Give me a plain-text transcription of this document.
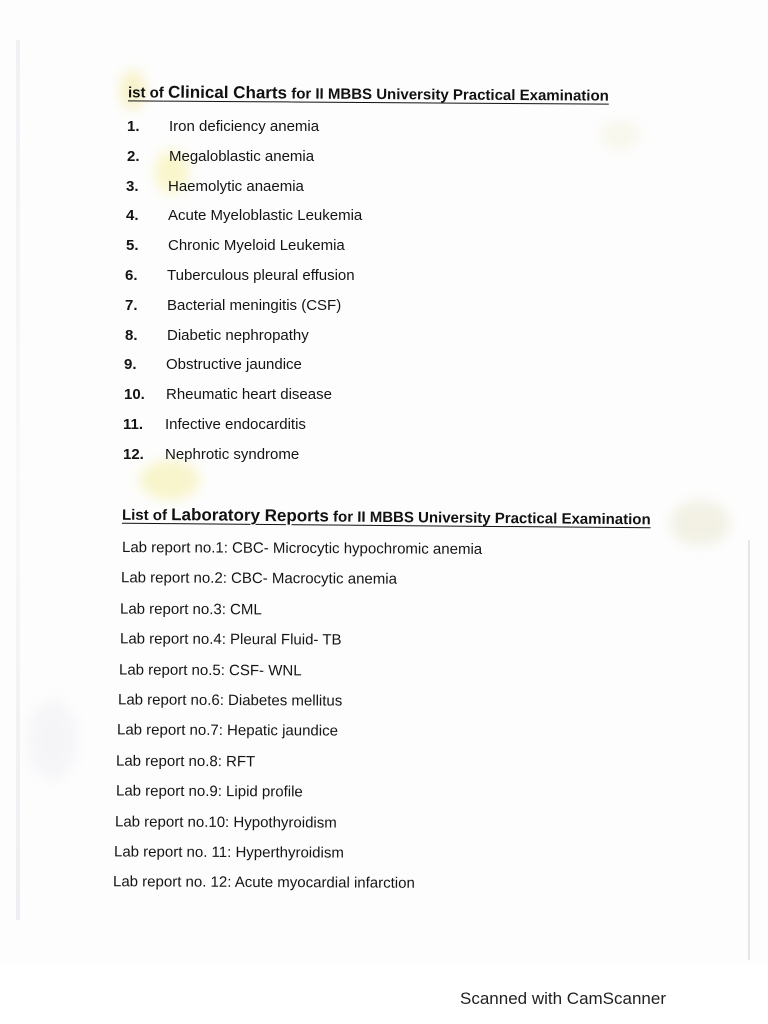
ist of Clinical Charts for II MBBS University Practical Examination
1. Iron deficiency anemia
2. Megaloblastic anemia
3. Haemolytic anaemia
4. Acute Myeloblastic Leukemia
5. Chronic Myeloid Leukemia
6. Tuberculous pleural effusion
7. Bacterial meningitis (CSF)
8. Diabetic nephropathy
9. Obstructive jaundice
10. Rheumatic heart disease
11. Infective endocarditis
12. Nephrotic syndrome
List of Laboratory Reports for II MBBS University Practical Examination
Lab report no.1: CBC- Microcytic hypochromic anemia
Lab report no.2: CBC- Macrocytic anemia
Lab report no.3: CML
Lab report no.4: Pleural Fluid- TB
Lab report no.5: CSF- WNL
Lab report no.6: Diabetes mellitus
Lab report no.7: Hepatic jaundice
Lab report no.8: RFT
Lab report no.9: Lipid profile
Lab report no.10: Hypothyroidism
Lab report no. 11: Hyperthyroidism
Lab report no. 12: Acute myocardial infarction
Scanned with CamScanner
